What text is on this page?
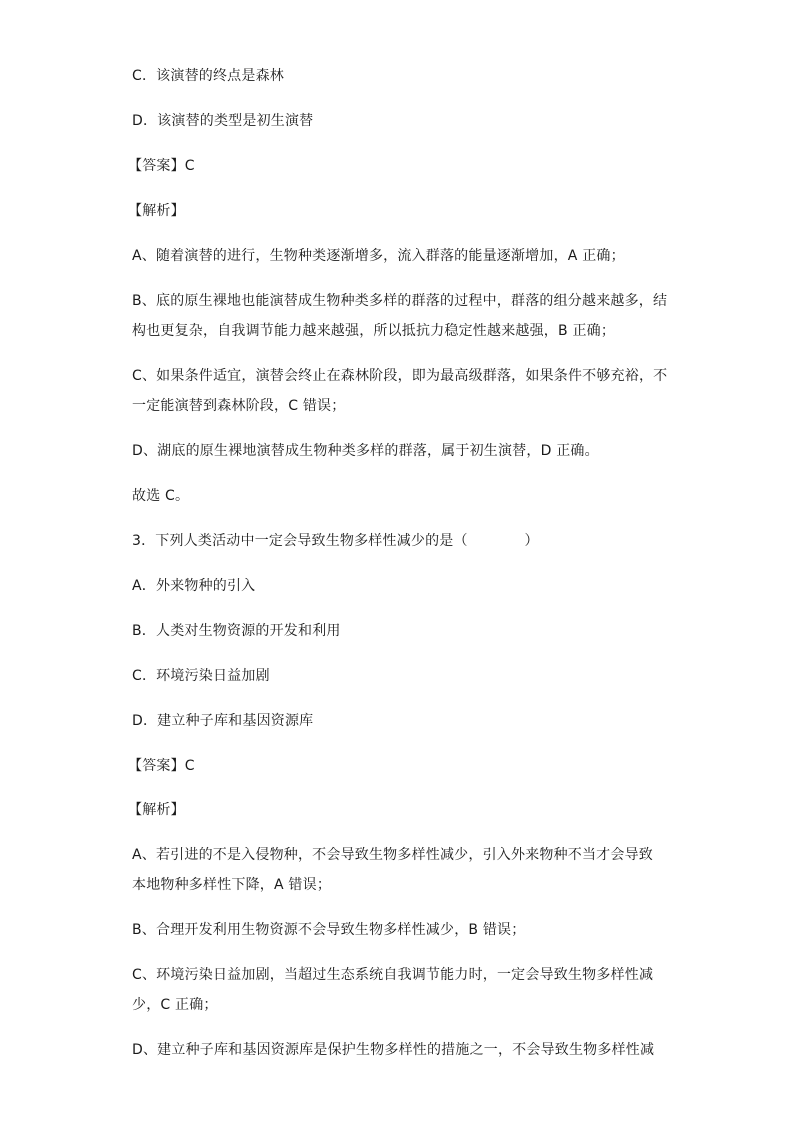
C．该演替的终点是森林
D．该演替的类型是初生演替
【答案】C
【解析】
A、随着演替的进行，生物种类逐渐增多，流入群落的能量逐渐增加，A 正确；
B、底的原生裸地也能演替成生物种类多样的群落的过程中，群落的组分越来越多，结
构也更复杂，自我调节能力越来越强，所以抵抗力稳定性越来越强，B 正确；
C、如果条件适宜，演替会终止在森林阶段，即为最高级群落，如果条件不够充裕，不
一定能演替到森林阶段，C 错误；
D、湖底的原生裸地演替成生物种类多样的群落，属于初生演替，D 正确。
故选 C。
3．下列人类活动中一定会导致生物多样性减少的是（　　　　）
A．外来物种的引入
B．人类对生物资源的开发和利用
C．环境污染日益加剧
D．建立种子库和基因资源库
【答案】C
【解析】
A、若引进的不是入侵物种，不会导致生物多样性减少，引入外来物种不当才会导致
本地物种多样性下降，A 错误；
B、合理开发利用生物资源不会导致生物多样性减少，B 错误；
C、环境污染日益加剧，当超过生态系统自我调节能力时，一定会导致生物多样性减
少，C 正确；
D、建立种子库和基因资源库是保护生物多样性的措施之一，不会导致生物多样性减
